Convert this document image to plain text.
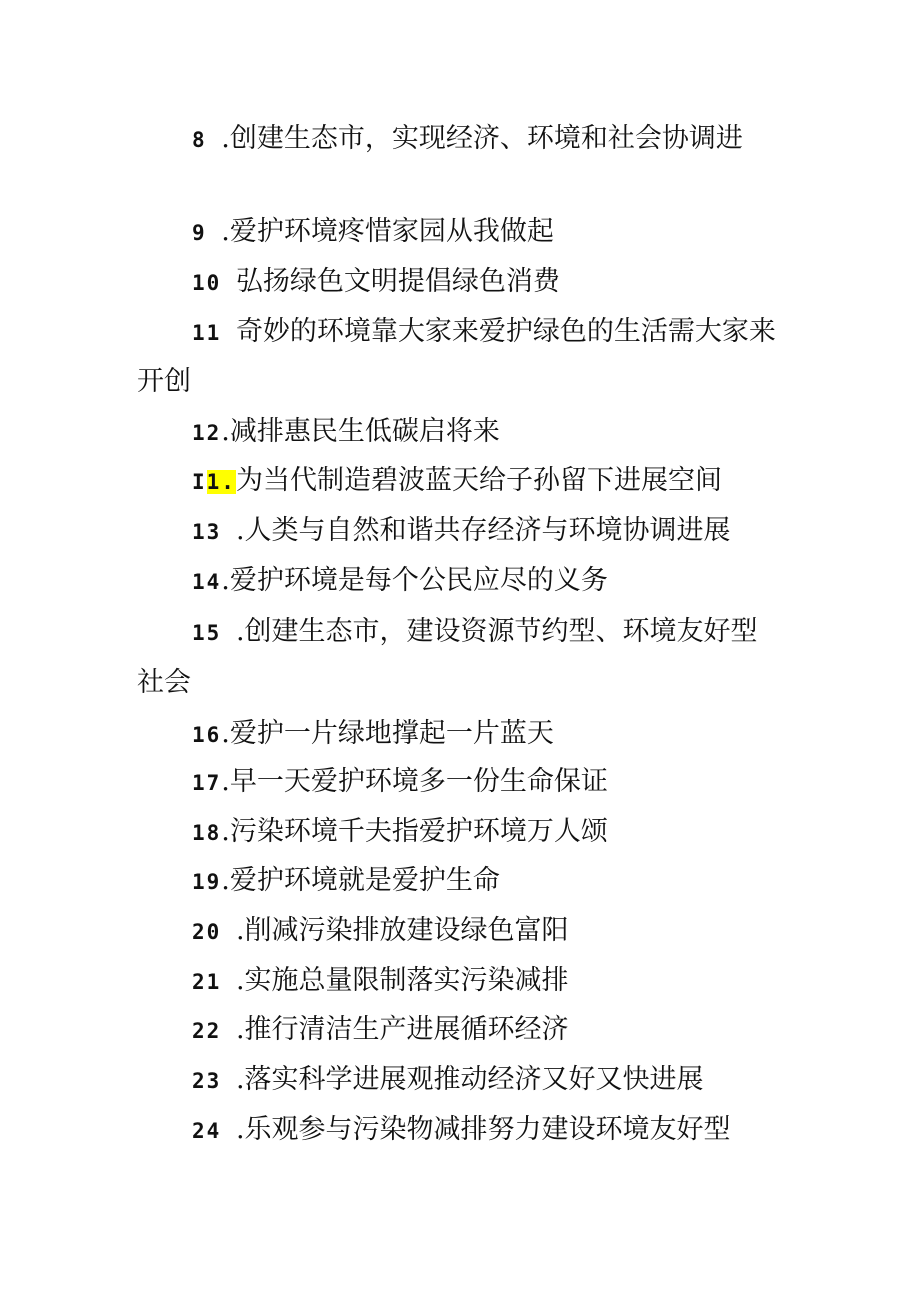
8 .创建生态市，实现经济、环境和社会协调进
9 .爱护环境疼惜家园从我做起
10 弘扬绿色文明提倡绿色消费
11 奇妙的环境靠大家来爱护绿色的生活需大家来
开创
12.减排惠民生低碳启将来
I1.为当代制造碧波蓝天给子孙留下进展空间
13 .人类与自然和谐共存经济与环境协调进展
14.爱护环境是每个公民应尽的义务
15 .创建生态市，建设资源节约型、环境友好型
社会
16.爱护一片绿地撑起一片蓝天
17.早一天爱护环境多一份生命保证
18.污染环境千夫指爱护环境万人颂
19.爱护环境就是爱护生命
20 .削减污染排放建设绿色富阳
21 .实施总量限制落实污染减排
22 .推行清洁生产进展循环经济
23 .落实科学进展观推动经济又好又快进展
24 .乐观参与污染物减排努力建设环境友好型
